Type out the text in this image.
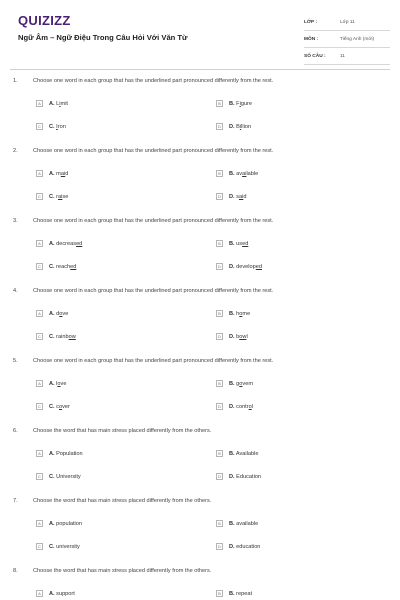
QUIZIZZ
Ngữ Âm – Ngữ Điệu Trong Câu Hỏi Với Văn Từ
LỚP :	Lớp 11
MÔN :	Tiếng Anh (mới)
SỐ CÂU :	11
1.	Choose one word in each group that has the underlined part pronounced differently from the rest.
A	A. Limit	B	B. Figure
C	C. Iron	D	D. Billion
2.	Choose one word in each group that has the underlined part pronounced differently from the rest.
A	A. maid	B	B. available
C	C. raise	D	D. said
3.	Choose one word in each group that has the underlined part pronounced differently from the rest.
A	A. decreased	B	B. used
C	C. reached	D	D. developed
4.	Choose one word in each group that has the underlined part pronounced differently from the rest.
A	A. dove	B	B. home
C	C. rainbow	D	D. bowl
5.	Choose one word in each group that has the underlined part pronounced differently from the rest.
A	A. love	B	B. govern
C	C. cover	D	D. control
6.	Choose the word that has main stress placed differently from the others.
A	A. Population	B	B. Available
C	C. University	D	D. Education
7.	Choose the word that has main stress placed differently from the others.
A	A. population	B	B. available
C	C. university	D	D. education
8.	Choose the word that has main stress placed differently from the others.
A	A. support	B	B. repeat
